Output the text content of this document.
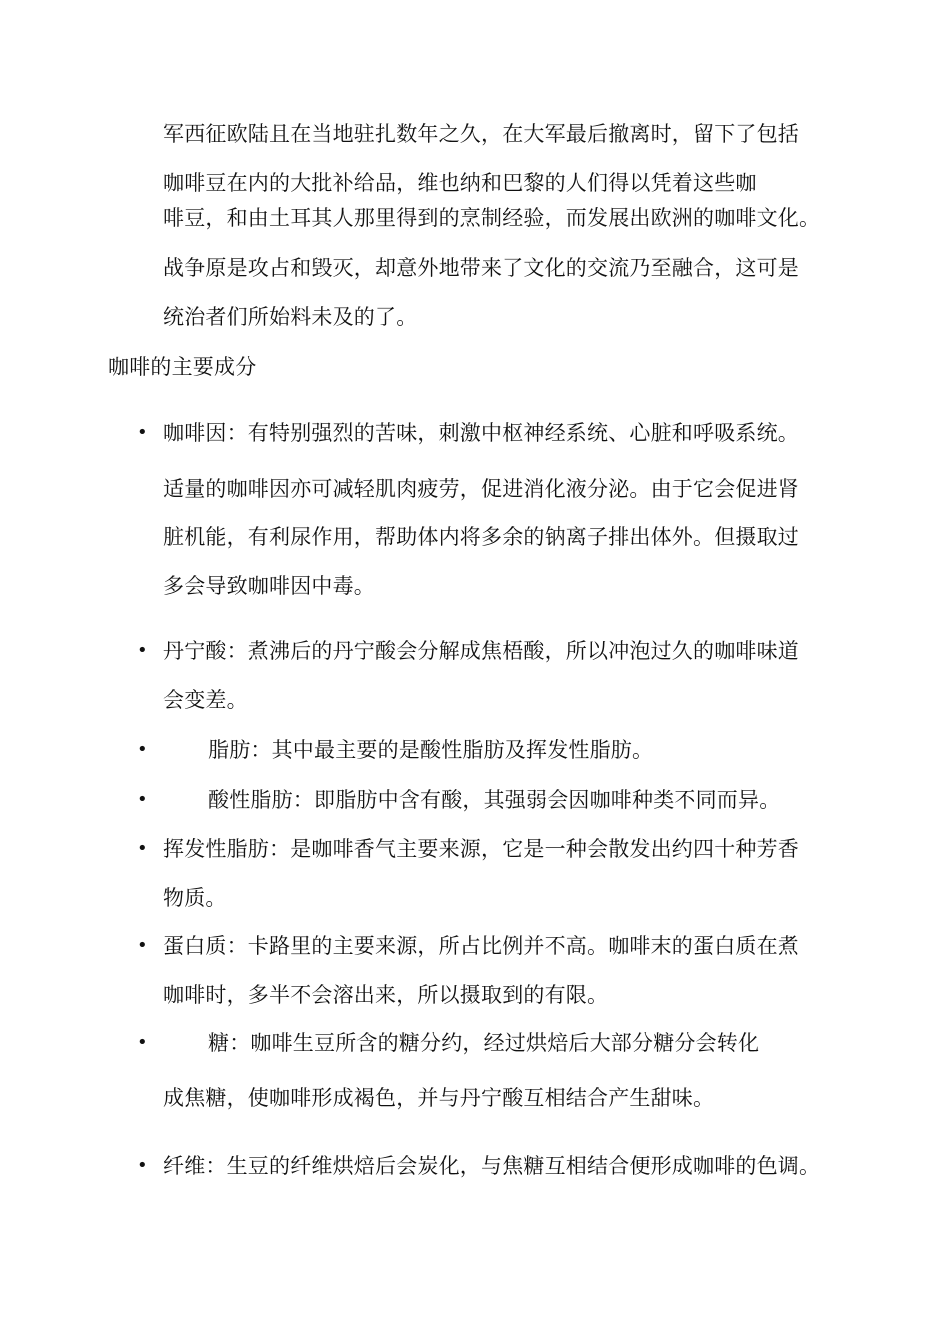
军西征欧陆且在当地驻扎数年之久，在大军最后撤离时，留下了包括
咖啡豆在内的大批补给品，维也纳和巴黎的人们得以凭着这些咖
啡豆，和由土耳其人那里得到的烹制经验，而发展出欧洲的咖啡文化。
战争原是攻占和毁灭，却意外地带来了文化的交流乃至融合，这可是
统治者们所始料未及的了。
咖啡的主要成分
• 咖啡因：有特别强烈的苦味，刺激中枢神经系统、心脏和呼吸系统。
适量的咖啡因亦可减轻肌肉疲劳，促进消化液分泌。由于它会促进肾
脏机能，有利尿作用，帮助体内将多余的钠离子排出体外。但摄取过
多会导致咖啡因中毒。
• 丹宁酸：煮沸后的丹宁酸会分解成焦梧酸，所以冲泡过久的咖啡味道
会变差。
•	脂肪：其中最主要的是酸性脂肪及挥发性脂肪。
•	酸性脂肪：即脂肪中含有酸，其强弱会因咖啡种类不同而异。
• 挥发性脂肪：是咖啡香气主要来源，它是一种会散发出约四十种芳香
物质。
• 蛋白质：卡路里的主要来源，所占比例并不高。咖啡末的蛋白质在煮
咖啡时，多半不会溶出来，所以摄取到的有限。
•	糖：咖啡生豆所含的糖分约，经过烘焙后大部分糖分会转化
成焦糖，使咖啡形成褐色，并与丹宁酸互相结合产生甜味。
• 纤维：生豆的纤维烘焙后会炭化，与焦糖互相结合便形成咖啡的色调。
